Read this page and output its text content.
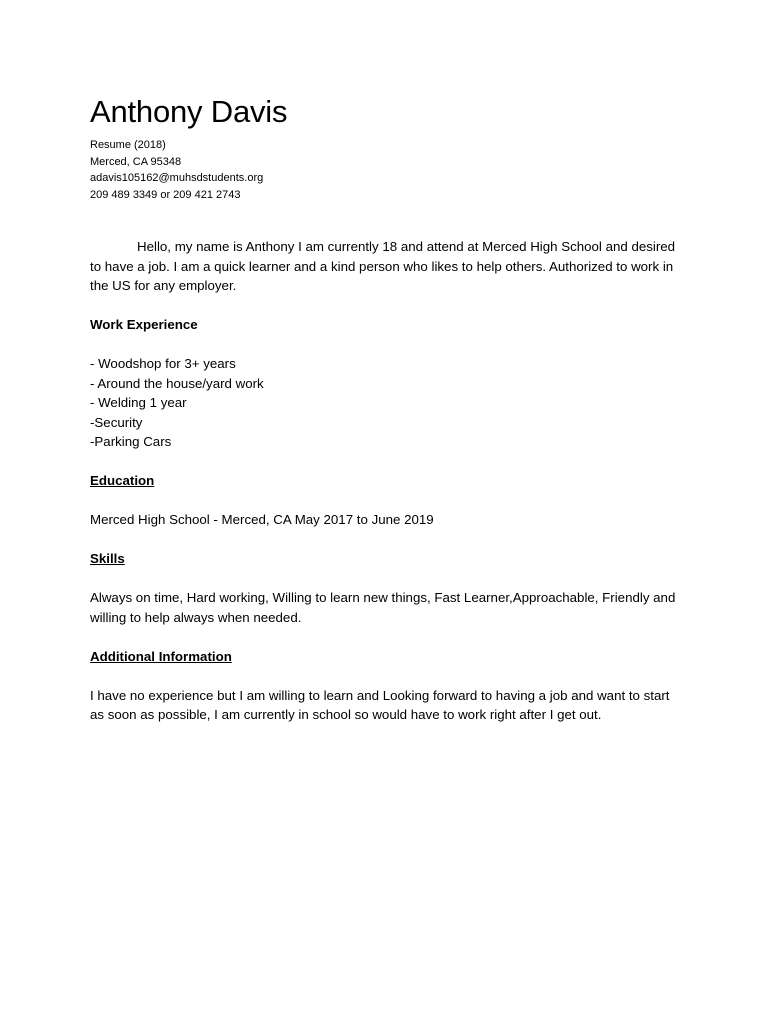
Anthony Davis
Resume (2018)
Merced, CA 95348
adavis105162@muhsdstudents.org
209 489 3349 or 209 421 2743

Hello, my name is Anthony I am currently 18 and attend at Merced High School and desired to have a job. I am a quick learner and a kind person who likes to help others. Authorized to work in the US for any employer.

Work Experience
- Woodshop for 3+ years
- Around the house/yard work
- Welding 1 year
-Security
-Parking Cars
Education

Merced High School - Merced, CA May 2017 to June 2019

Skills

Always on time, Hard working, Willing to learn new things, Fast Learner,Approachable, Friendly and willing to help always when needed.

Additional Information

I have no experience but I am willing to learn and Looking forward to having a job and want to start as soon as possible, I am currently in school so would have to work right after I get out.
